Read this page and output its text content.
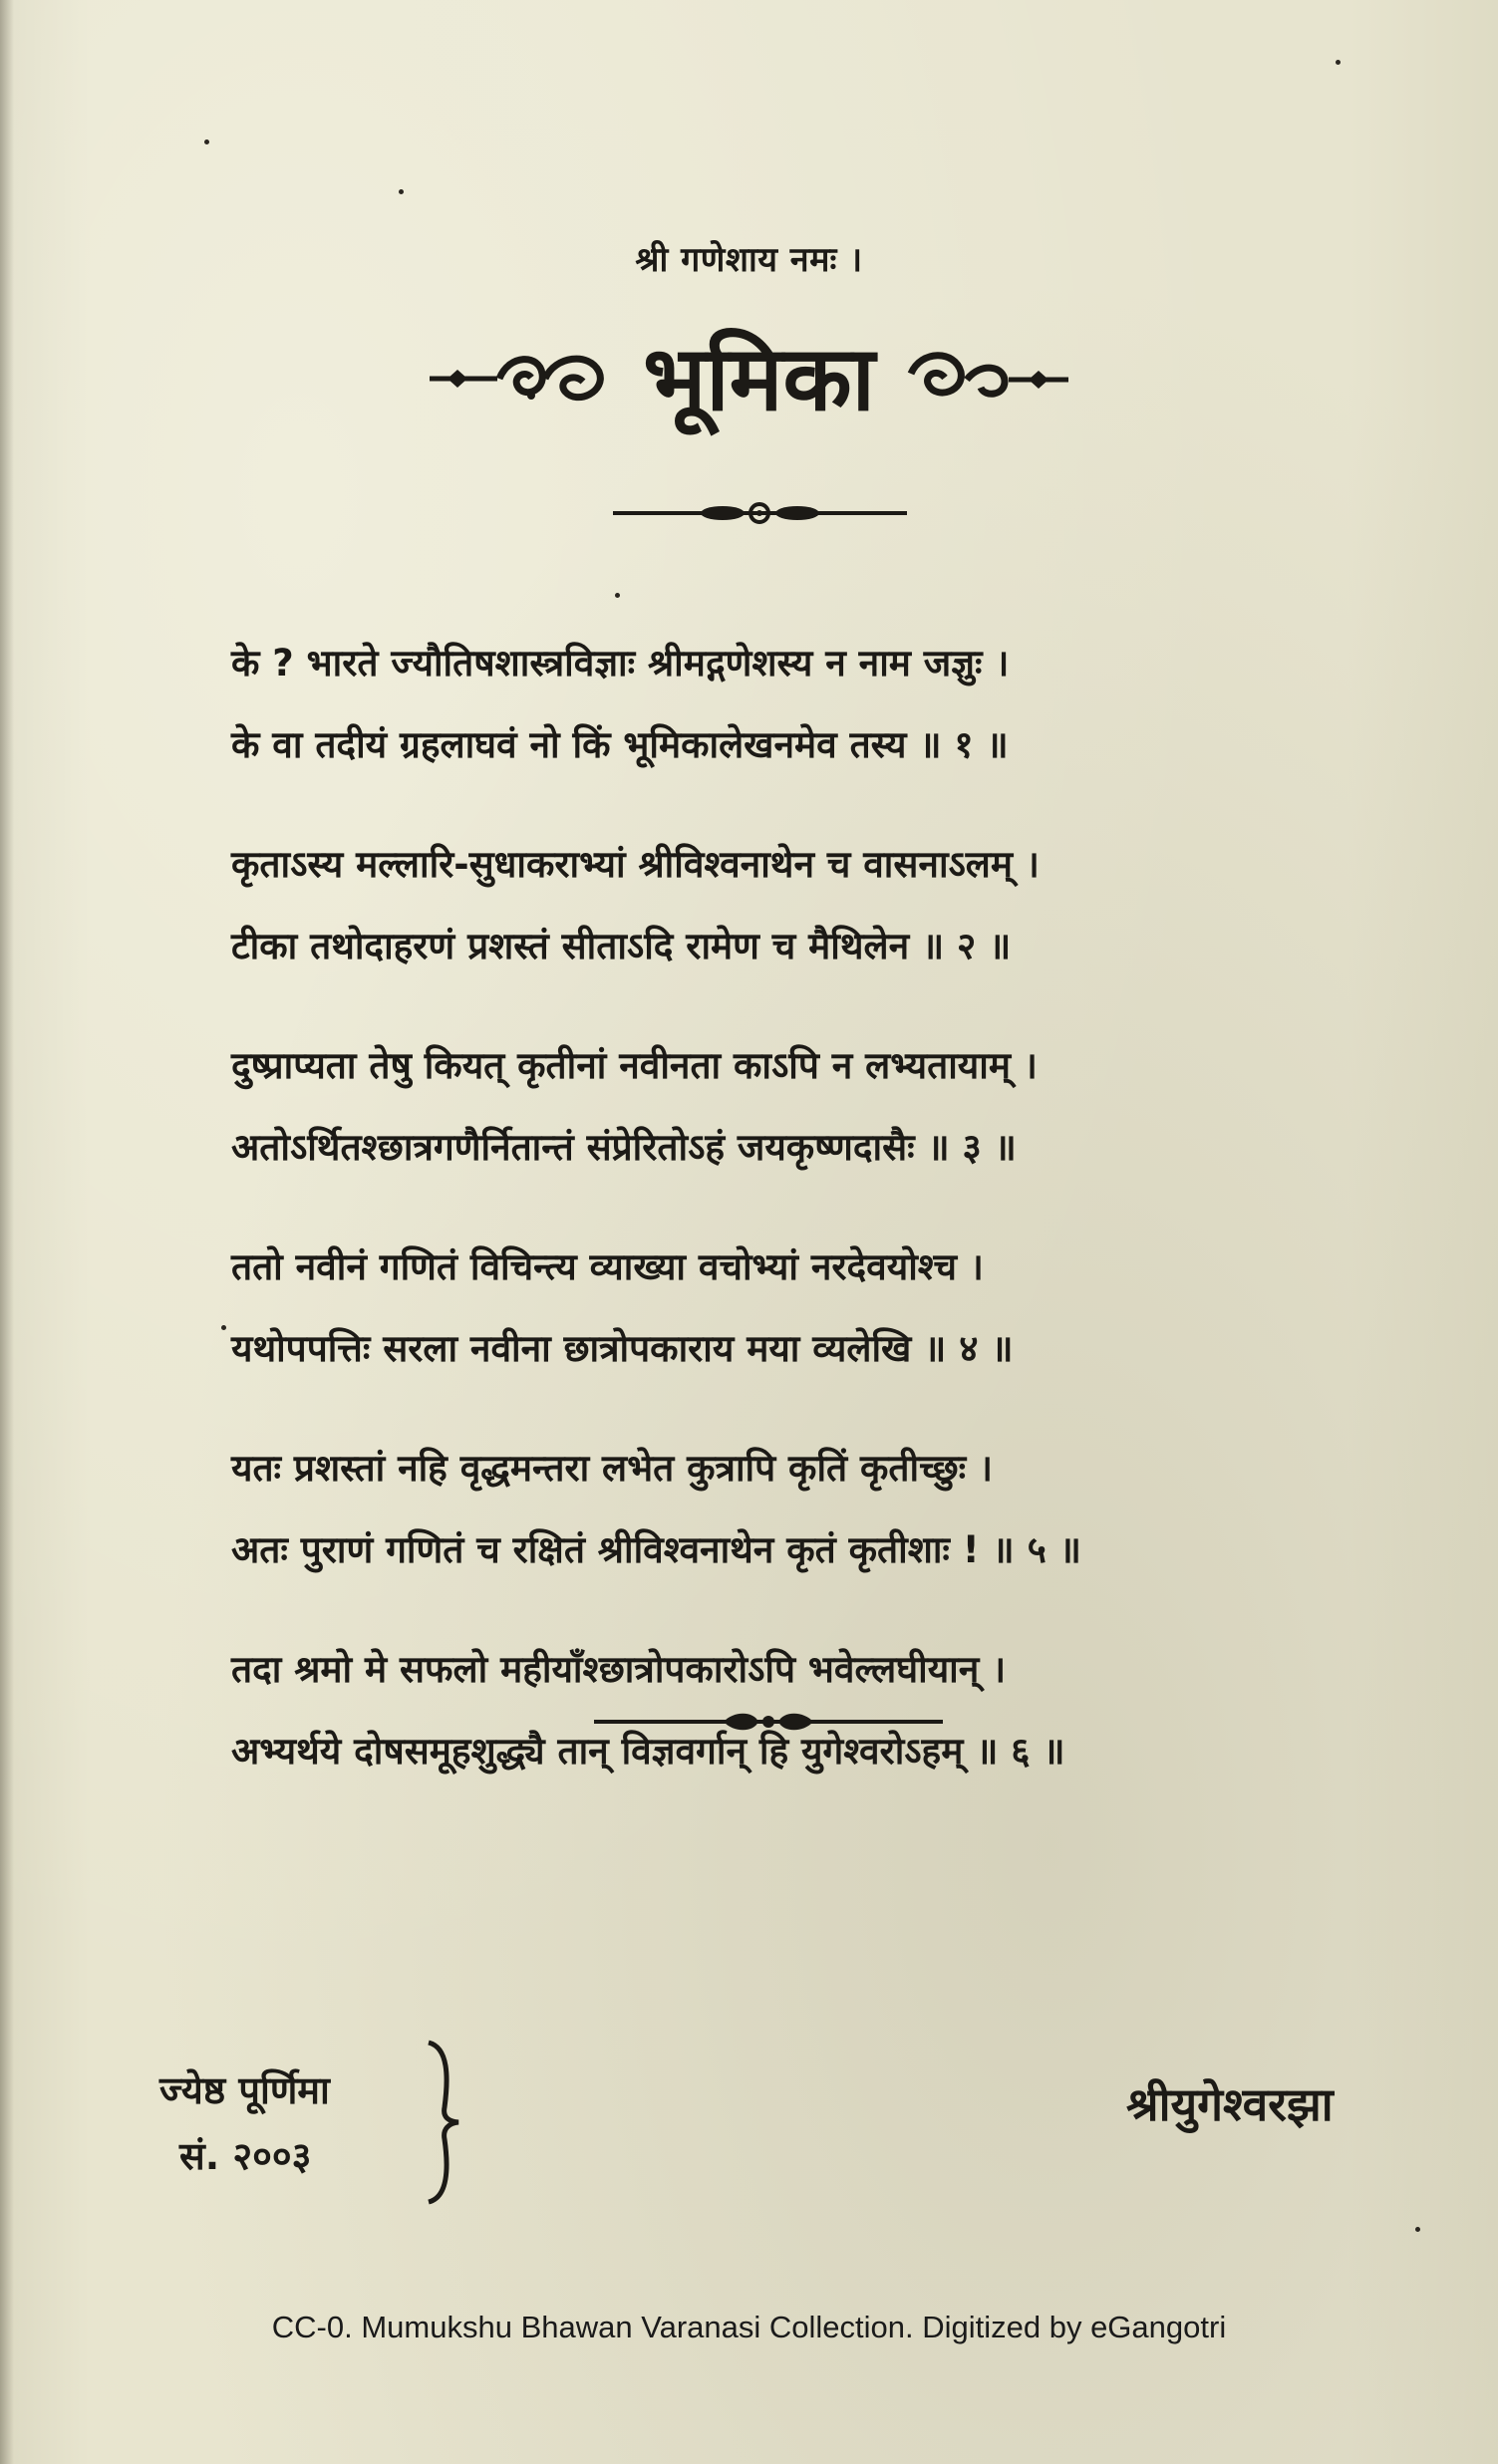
श्री गणेशाय नमः ।
भूमिका
के ? भारते ज्यौतिषशास्त्रविज्ञाः श्रीमद्गणेशस्य न नाम जज्ञुः ।
के वा तदीयं ग्रहलाघवं नो किं भूमिकालेखनमेव तस्य ॥ १ ॥
कृताऽस्य मल्लारि-सुधाकराभ्यां श्रीविश्वनाथेन च वासनाऽलम् ।
टीका तथोदाहरणं प्रशस्तं सीताऽदि रामेण च मैथिलेन ॥ २ ॥
दुष्प्राप्यता तेषु कियत् कृतीनां नवीनता काऽपि न लभ्यतायाम् ।
अतोऽर्थितश्छात्रगणैर्नितान्तं संप्रेरितोऽहं जयकृष्णदासैः ॥ ३ ॥
ततो नवीनं गणितं विचिन्त्य व्याख्या वचोभ्यां नरदेवयोश्च ।
यथोपपत्तिः सरला नवीना छात्रोपकाराय मया व्यलेखि ॥ ४ ॥
यतः प्रशस्तां नहि वृद्धमन्तरा लभेत कुत्रापि कृतिं कृतीच्छुः ।
अतः पुराणं गणितं च रक्षितं श्रीविश्वनाथेन कृतं कृतीशाः ! ॥ ५ ॥
तदा श्रमो मे सफलो महीयाँश्छात्रोपकारोऽपि भवेल्लघीयान् ।
अभ्यर्थये दोषसमूहशुद्ध्यै तान् विज्ञवर्गान् हि युगेश्वरोऽहम् ॥ ६ ॥
ज्येष्ठ पूर्णिमा
सं. २००३
श्रीयुगेश्वरझा
CC-0. Mumukshu Bhawan Varanasi Collection. Digitized by eGangotri
